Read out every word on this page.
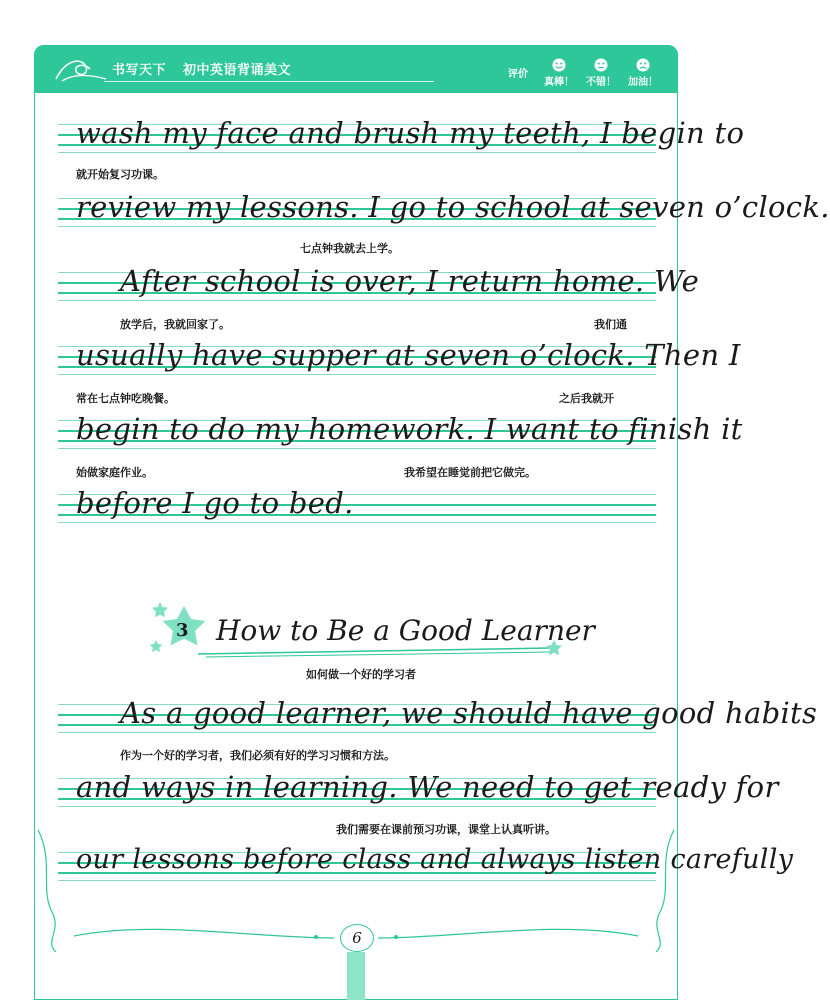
书写天下 初中英语背诵美文	评价
真棒！ 不错！ 加油！
wash my face and brush my teeth, I begin to
就开始复习功课。
review my lessons. I go to school at seven o’clock.
七点钟我就去上学。
After school is over, I return home. We
放学后，我就回家了。	我们通
usually have supper at seven o’clock. Then I
常在七点钟吃晚餐。	之后我就开
begin to do my homework. I want to finish it
始做家庭作业。	我希望在睡觉前把它做完。
before I go to bed.
3 How to Be a Good Learner
如何做一个好的学习者
As a good learner, we should have good habits
作为一个好的学习者，我们必须有好的学习习惯和方法。
and ways in learning. We need to get ready for
我们需要在课前预习功课，课堂上认真听讲。
our lessons before class and always listen carefully
6
